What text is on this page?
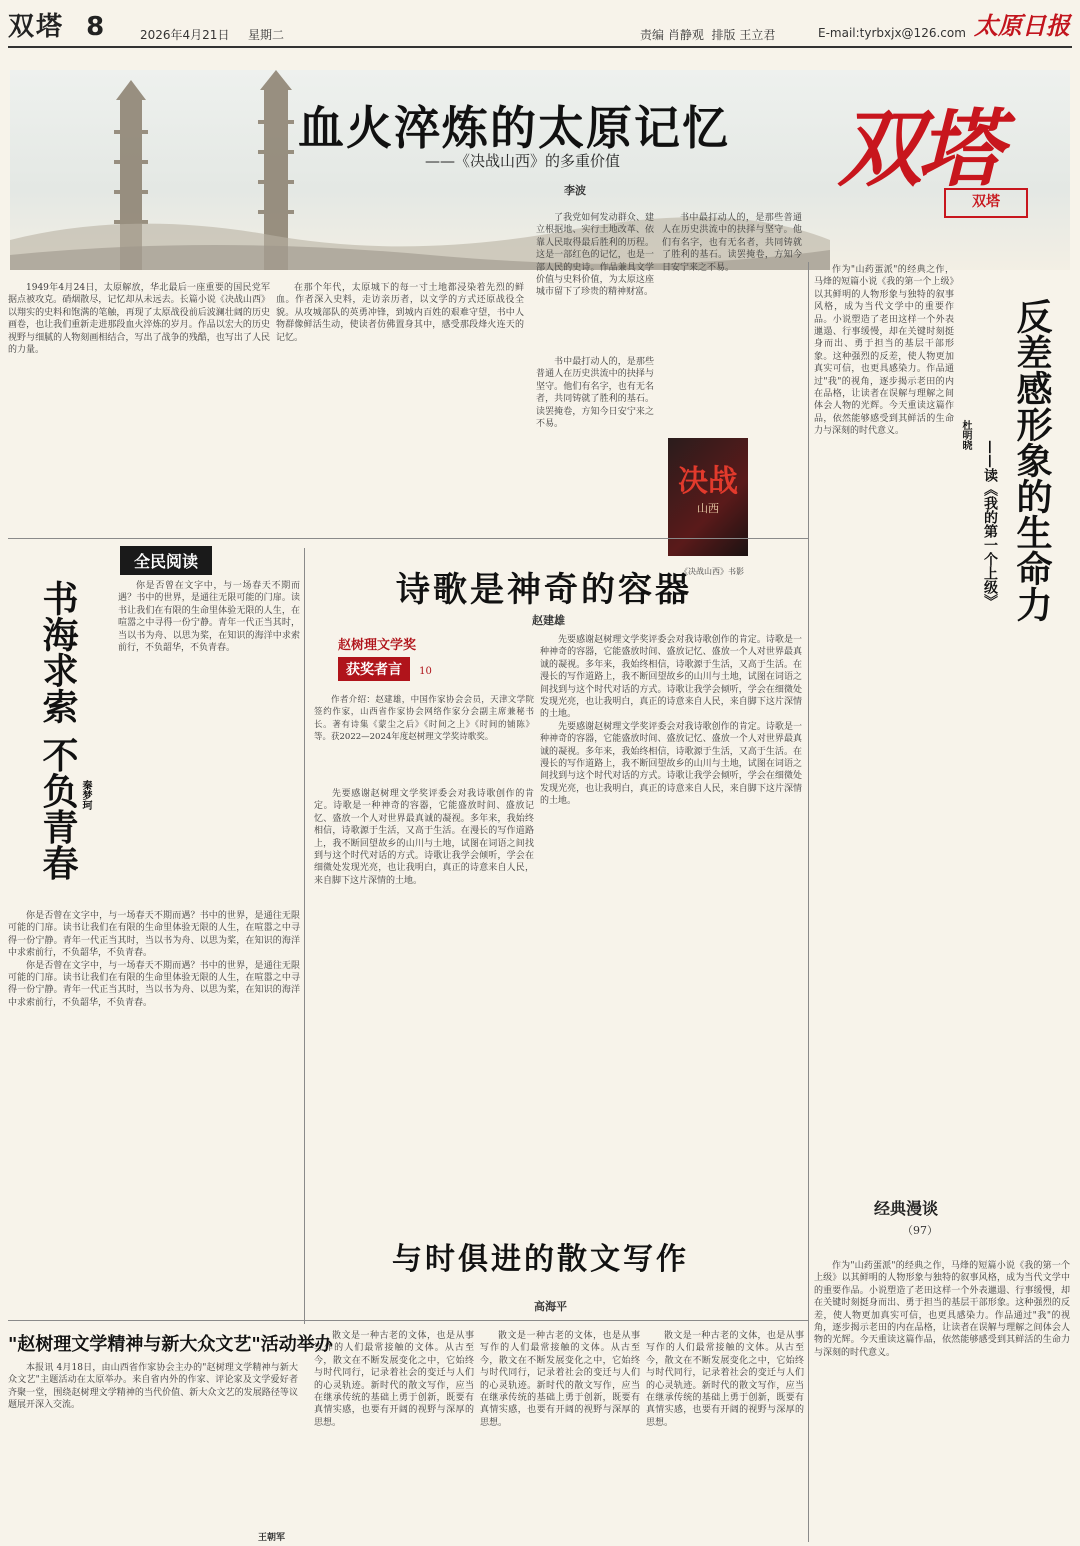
双塔 8	2026年4月21日 星期二	责编 肖静观 排版 王立君	E-mail:tyrbxjx@126.com 太原日报
血火淬炼的太原记忆
——《决战山西》的多重价值
李波	双塔
双塔

了我党如何发动群众、建立根据地、实行土地改革、依靠人民取得最后胜利的历程。这是一部红色的记忆，也是一部人民的史诗。作品兼具文学价值与史料价值，为太原这座城市留下了珍贵的精神财富。

书中最打动人的，是那些普通人在历史洪流中的抉择与坚守。他们有名字，也有无名者，共同铸就了胜利的基石。读罢掩卷，方知今日安宁来之不易。

1949年4月24日，太原解放，华北最后一座重要的国民党军据点被攻克。硝烟散尽，记忆却从未远去。长篇小说《决战山西》以翔实的史料和饱满的笔触，再现了太原战役前后波澜壮阔的历史画卷，也让我们重新走进那段血火淬炼的岁月。作品以宏大的历史视野与细腻的人物刻画相结合，写出了战争的残酷，也写出了人民的力量。

在那个年代，太原城下的每一寸土地都浸染着先烈的鲜血。作者深入史料，走访亲历者，以文学的方式还原战役全貌。从攻城部队的英勇冲锋，到城内百姓的艰难守望，书中人物群像鲜活生动，使读者仿佛置身其中，感受那段烽火连天的记忆。

书中最打动人的，是那些普通人在历史洪流中的抉择与坚守。他们有名字，也有无名者，共同铸就了胜利的基石。读罢掩卷，方知今日安宁来之不易。

决战
山西
《决战山西》书影

作为"山药蛋派"的经典之作，马烽的短篇小说《我的第一个上级》以其鲜明的人物形象与独特的叙事风格，成为当代文学中的重要作品。小说塑造了老田这样一个外表邋遢、行事缓慢，却在关键时刻挺身而出、勇于担当的基层干部形象。这种强烈的反差，使人物更加真实可信，也更具感染力。作品通过"我"的视角，逐步揭示老田的内在品格，让读者在误解与理解之间体会人物的光辉。今天重读这篇作品，依然能够感受到其鲜活的生命力与深刻的时代意义。	反差感形象的生命力
——读《我的第一个上级》
杜明晓

作为"山药蛋派"的经典之作，马烽的短篇小说《我的第一个上级》以其鲜明的人物形象与独特的叙事风格，成为当代文学中的重要作品。小说塑造了老田这样一个外表邋遢、行事缓慢，却在关键时刻挺身而出、勇于担当的基层干部形象。这种强烈的反差，使人物更加真实可信，也更具感染力。作品通过"我"的视角，逐步揭示老田的内在品格，让读者在误解与理解之间体会人物的光辉。今天重读这篇作品，依然能够感受到其鲜活的生命力与深刻的时代意义。

全民阅读
书海求索 不负青春 秦梦珂

你是否曾在文字中，与一场春天不期而遇？书中的世界，是通往无限可能的门扉。读书让我们在有限的生命里体验无限的人生，在喧嚣之中寻得一份宁静。青年一代正当其时，当以书为舟、以思为桨，在知识的海洋中求索前行，不负韶华，不负青春。

你是否曾在文字中，与一场春天不期而遇？书中的世界，是通往无限可能的门扉。读书让我们在有限的生命里体验无限的人生，在喧嚣之中寻得一份宁静。青年一代正当其时，当以书为舟、以思为桨，在知识的海洋中求索前行，不负韶华，不负青春。

你是否曾在文字中，与一场春天不期而遇？书中的世界，是通往无限可能的门扉。读书让我们在有限的生命里体验无限的人生，在喧嚣之中寻得一份宁静。青年一代正当其时，当以书为舟、以思为桨，在知识的海洋中求索前行，不负韶华，不负青春。

诗歌是神奇的容器
赵建雄
赵树理文学奖
获奖者言 10

作者介绍：赵建雄，中国作家协会会员，天津文学院签约作家，山西省作家协会网络作家分会副主席兼秘书长。著有诗集《蒙尘之后》《时间之上》《时间的铺陈》等。获2022—2024年度赵树理文学奖诗歌奖。

先要感谢赵树理文学奖评委会对我诗歌创作的肯定。诗歌是一种神奇的容器，它能盛放时间、盛放记忆、盛放一个人对世界最真诚的凝视。多年来，我始终相信，诗歌源于生活，又高于生活。在漫长的写作道路上，我不断回望故乡的山川与土地，试图在词语之间找到与这个时代对话的方式。诗歌让我学会倾听，学会在细微处发现光亮，也让我明白，真正的诗意来自人民，来自脚下这片深情的土地。

先要感谢赵树理文学奖评委会对我诗歌创作的肯定。诗歌是一种神奇的容器，它能盛放时间、盛放记忆、盛放一个人对世界最真诚的凝视。多年来，我始终相信，诗歌源于生活，又高于生活。在漫长的写作道路上，我不断回望故乡的山川与土地，试图在词语之间找到与这个时代对话的方式。诗歌让我学会倾听，学会在细微处发现光亮，也让我明白，真正的诗意来自人民，来自脚下这片深情的土地。

先要感谢赵树理文学奖评委会对我诗歌创作的肯定。诗歌是一种神奇的容器，它能盛放时间、盛放记忆、盛放一个人对世界最真诚的凝视。多年来，我始终相信，诗歌源于生活，又高于生活。在漫长的写作道路上，我不断回望故乡的山川与土地，试图在词语之间找到与这个时代对话的方式。诗歌让我学会倾听，学会在细微处发现光亮，也让我明白，真正的诗意来自人民，来自脚下这片深情的土地。

经典漫谈
（97）
与时俱进的散文写作
高海平

散文是一种古老的文体，也是从事写作的人们最常接触的文体。从古至今，散文在不断发展变化之中，它始终与时代同行，记录着社会的变迁与人们的心灵轨迹。新时代的散文写作，应当在继承传统的基础上勇于创新，既要有真情实感，也要有开阔的视野与深厚的思想。

散文是一种古老的文体，也是从事写作的人们最常接触的文体。从古至今，散文在不断发展变化之中，它始终与时代同行，记录着社会的变迁与人们的心灵轨迹。新时代的散文写作，应当在继承传统的基础上勇于创新，既要有真情实感，也要有开阔的视野与深厚的思想。

散文是一种古老的文体，也是从事写作的人们最常接触的文体。从古至今，散文在不断发展变化之中，它始终与时代同行，记录着社会的变迁与人们的心灵轨迹。新时代的散文写作，应当在继承传统的基础上勇于创新，既要有真情实感，也要有开阔的视野与深厚的思想。

"赵树理文学精神与新大众文艺"活动举办

本报讯 4月18日，由山西省作家协会主办的"赵树理文学精神与新大众文艺"主题活动在太原举办。来自省内外的作家、评论家及文学爱好者齐聚一堂，围绕赵树理文学精神的当代价值、新大众文艺的发展路径等议题展开深入交流。

王朝军
